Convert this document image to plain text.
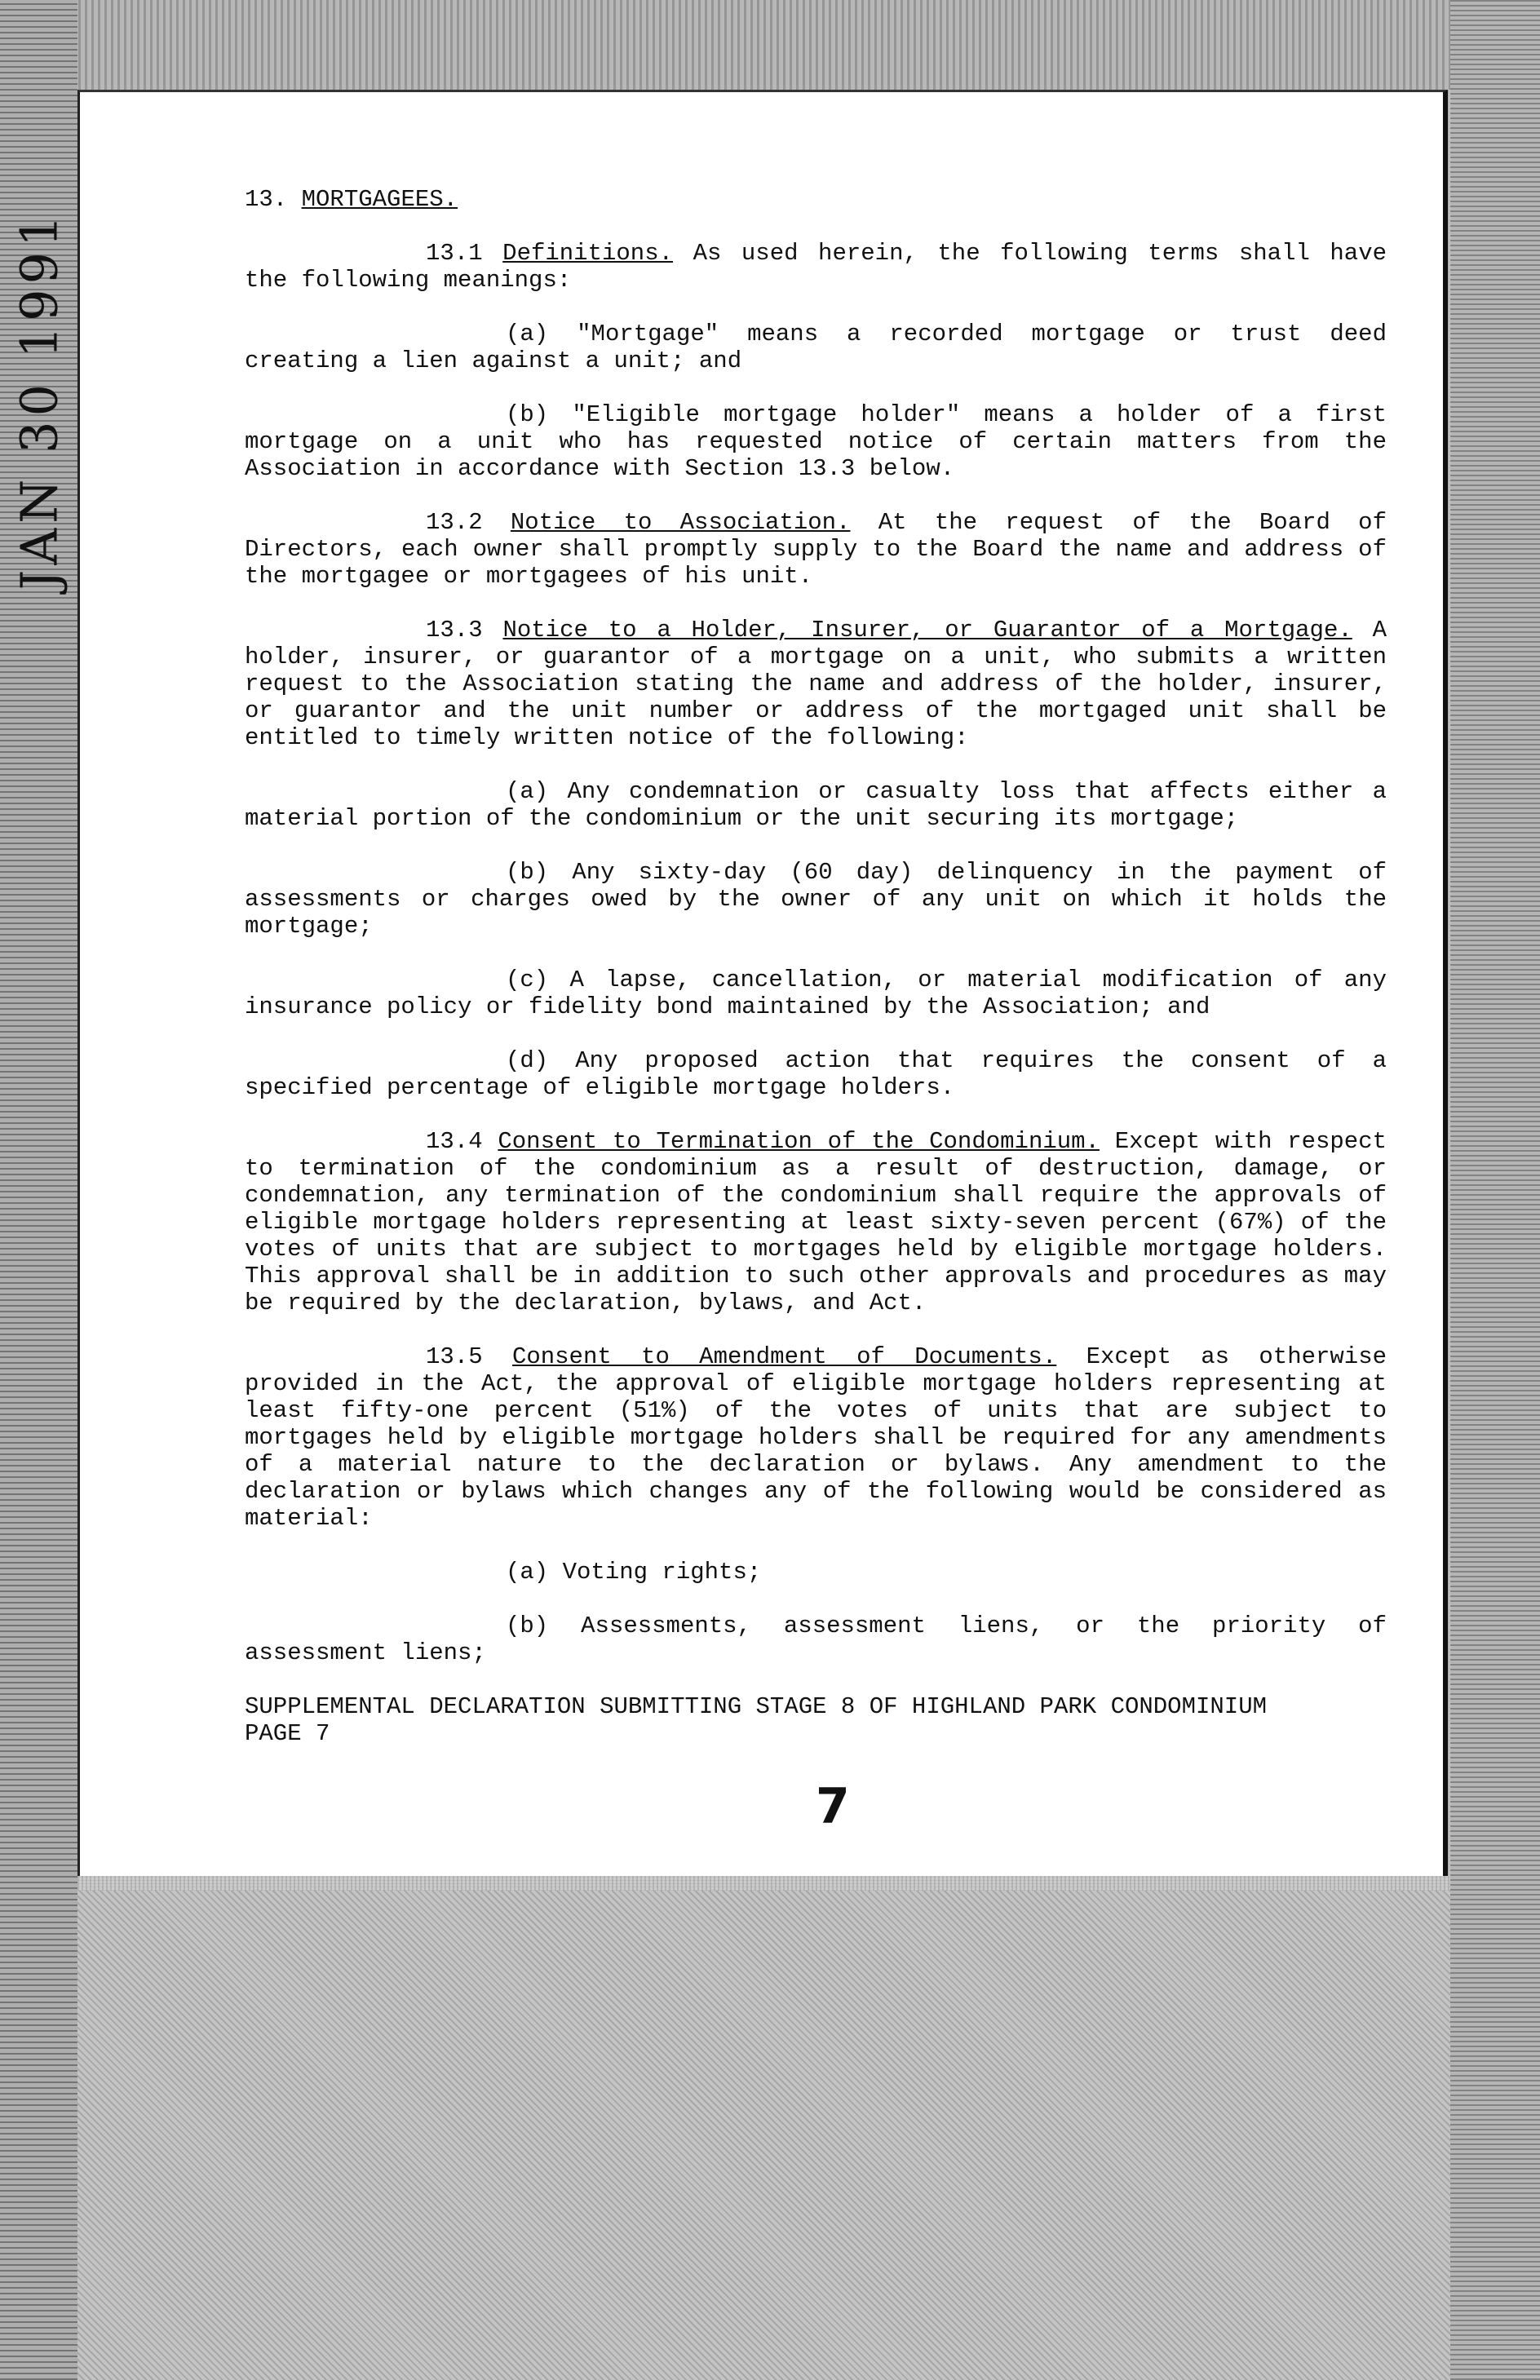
JAN 30 1991

13. MORTGAGEES.

13.1 Definitions. As used herein, the following terms shall have the following meanings:

(a) "Mortgage" means a recorded mortgage or trust deed creating a lien against a unit; and

(b) "Eligible mortgage holder" means a holder of a first mortgage on a unit who has requested notice of certain matters from the Association in accordance with Section 13.3 below.

13.2 Notice to Association. At the request of the Board of Directors, each owner shall promptly supply to the Board the name and address of the mortgagee or mortgagees of his unit.

13.3 Notice to a Holder, Insurer, or Guarantor of a Mortgage. A holder, insurer, or guarantor of a mortgage on a unit, who submits a written request to the Association stating the name and address of the holder, insurer, or guarantor and the unit number or address of the mortgaged unit shall be entitled to timely written notice of the following:

(a) Any condemnation or casualty loss that affects either a material portion of the condominium or the unit securing its mortgage;

(b) Any sixty-day (60 day) delinquency in the payment of assessments or charges owed by the owner of any unit on which it holds the mortgage;

(c) A lapse, cancellation, or material modification of any insurance policy or fidelity bond maintained by the Association; and

(d) Any proposed action that requires the consent of a specified percentage of eligible mortgage holders.

13.4 Consent to Termination of the Condominium. Except with respect to termination of the condominium as a result of destruction, damage, or condemnation, any termination of the condominium shall require the approvals of eligible mortgage holders representing at least sixty-seven percent (67%) of the votes of units that are subject to mortgages held by eligible mortgage holders. This approval shall be in addition to such other approvals and procedures as may be required by the declaration, bylaws, and Act.

13.5 Consent to Amendment of Documents. Except as otherwise provided in the Act, the approval of eligible mortgage holders representing at least fifty-one percent (51%) of the votes of units that are subject to mortgages held by eligible mortgage holders shall be required for any amendments of a material nature to the declaration or bylaws. Any amendment to the declaration or bylaws which changes any of the following would be considered as material:

(a) Voting rights;

(b) Assessments, assessment liens, or the priority of assessment liens;

SUPPLEMENTAL DECLARATION SUBMITTING STAGE 8 OF HIGHLAND PARK CONDOMINIUM
PAGE 7
7
